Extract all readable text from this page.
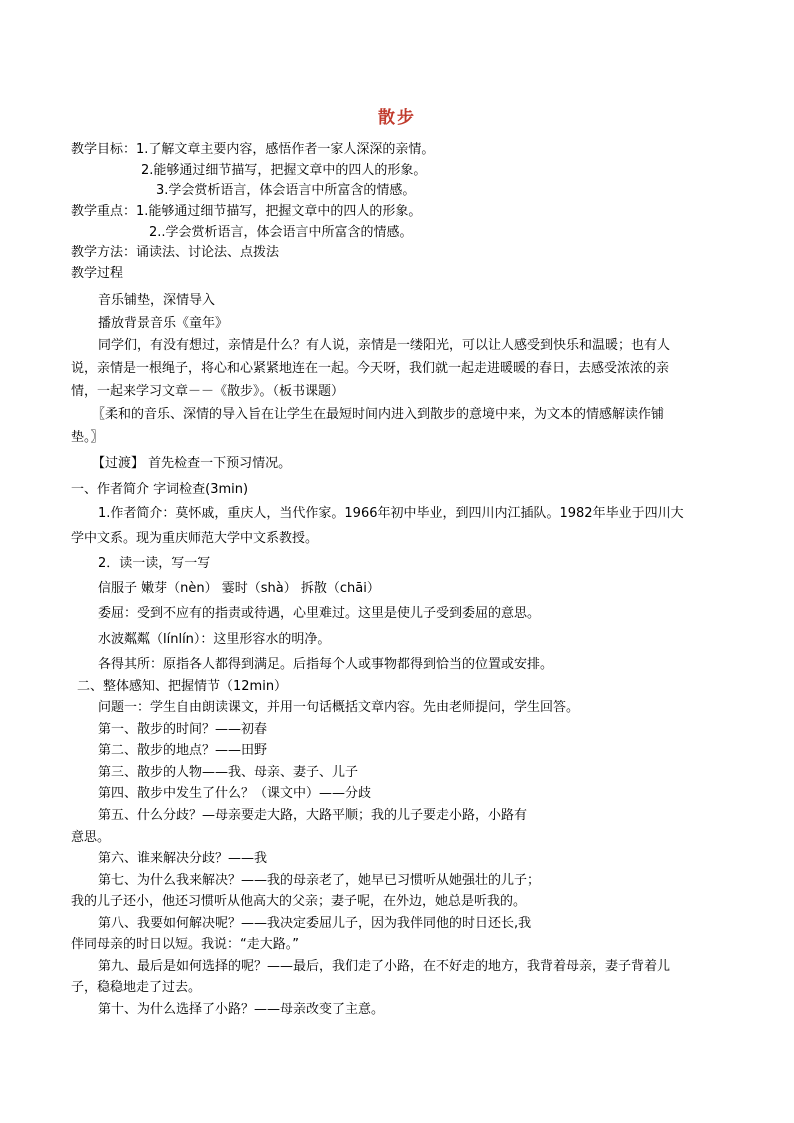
散步
教学目标：1.了解文章主要内容，感悟作者一家人深深的亲情。
2.能够通过细节描写，把握文章中的四人的形象。
3.学会赏析语言，体会语言中所富含的情感。
教学重点：1.能够通过细节描写，把握文章中的四人的形象。
2..学会赏析语言，体会语言中所富含的情感。
教学方法：诵读法、讨论法、点拨法
教学过程
音乐铺垫，深情导入
播放背景音乐《童年》
同学们，有没有想过，亲情是什么？有人说，亲情是一缕阳光，可以让人感受到快乐和温暖；也有人
说，亲情是一根绳子，将心和心紧紧地连在一起。今天呀，我们就一起走进暖暖的春日，去感受浓浓的亲
情，一起来学习文章－－《散步》。（板书课题）
〖柔和的音乐、深情的导入旨在让学生在最短时间内进入到散步的意境中来，为文本的情感解读作铺
垫。〗
【过渡】 首先检查一下预习情况。
一、作者简介 字词检查(3min)
1.作者简介：莫怀戚，重庆人，当代作家。1966年初中毕业，到四川内江插队。1982年毕业于四川大
学中文系。现为重庆师范大学中文系教授。
2．读一读，写一写
信服子 嫩芽（nèn） 霎时（shà） 拆散（chāi）
委屈：受到不应有的指责或待遇，心里难过。这里是使儿子受到委屈的意思。
水波粼粼（línlín）：这里形容水的明净。
各得其所：原指各人都得到满足。后指每个人或事物都得到恰当的位置或安排。
二、整体感知、把握情节（12min）
问题一：学生自由朗读课文，并用一句话概括文章内容。先由老师提问，学生回答。
第一、散步的时间？——初春
第二、散步的地点？——田野
第三、散步的人物——我、母亲、妻子、儿子
第四、散步中发生了什么？（课文中）——分歧
第五、什么分歧？—母亲要走大路，大路平顺；我的儿子要走小路，小路有
意思。
第六、谁来解决分歧？——我
第七、为什么我来解决？——我的母亲老了，她早已习惯听从她强壮的儿子；
我的儿子还小，他还习惯听从他高大的父亲；妻子呢，在外边，她总是听我的。
第八、我要如何解决呢？——我决定委屈儿子，因为我伴同他的时日还长,我
伴同母亲的时日以短。我说：“走大路。”
第九、最后是如何选择的呢？——最后，我们走了小路，在不好走的地方，我背着母亲，妻子背着儿
子，稳稳地走了过去。
第十、为什么选择了小路？——母亲改变了主意。
